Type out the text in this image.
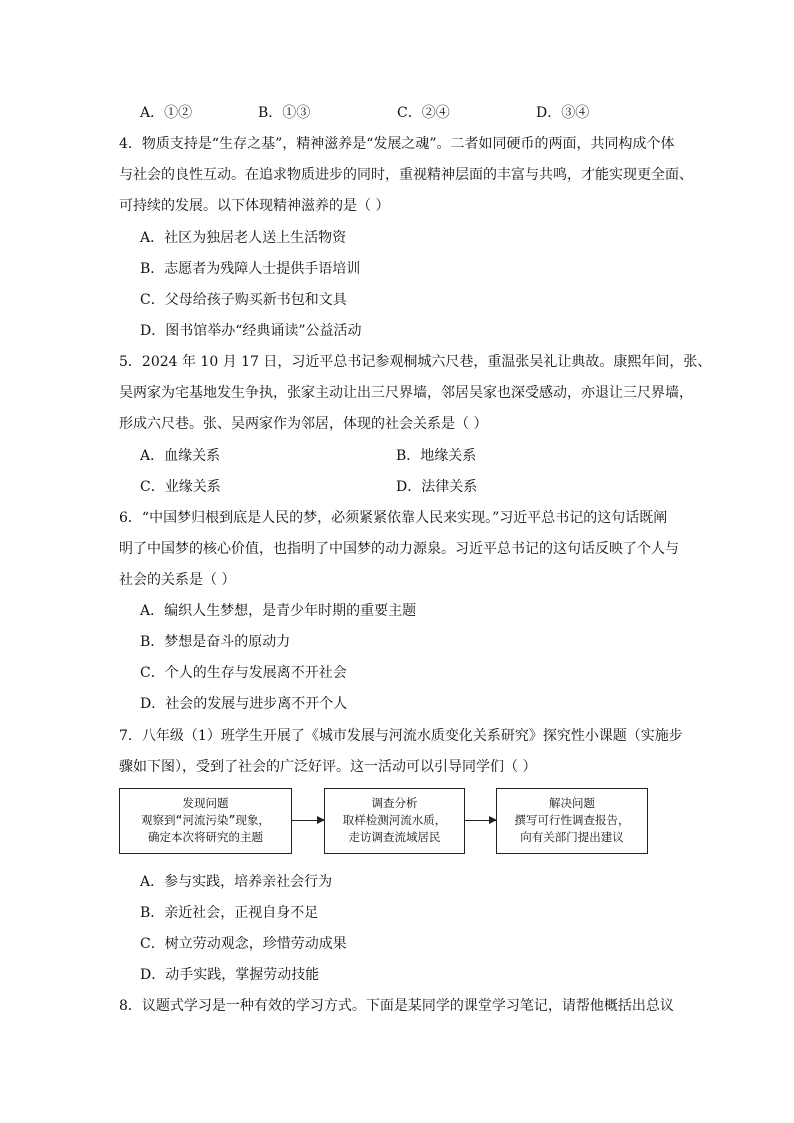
A．①②	B．①③	C．②④	D．③④
4．物质支持是“生存之基”，精神滋养是“发展之魂”。二者如同硬币的两面，共同构成个体
与社会的良性互动。在追求物质进步的同时，重视精神层面的丰富与共鸣，才能实现更全面、
可持续的发展。以下体现精神滋养的是（ ）
A．社区为独居老人送上生活物资
B．志愿者为残障人士提供手语培训
C．父母给孩子购买新书包和文具
D．图书馆举办“经典诵读”公益活动
5．2024 年 10 月 17 日，习近平总书记参观桐城六尺巷，重温张吴礼让典故。康熙年间，张、
吴两家为宅基地发生争执，张家主动让出三尺界墙，邻居吴家也深受感动，亦退让三尺界墙，
形成六尺巷。张、吴两家作为邻居，体现的社会关系是（ ）
A．血缘关系	B．地缘关系
C．业缘关系	D．法律关系
6．“中国梦归根到底是人民的梦，必须紧紧依靠人民来实现。”习近平总书记的这句话既阐
明了中国梦的核心价值，也指明了中国梦的动力源泉。习近平总书记的这句话反映了个人与
社会的关系是（ ）
A．编织人生梦想，是青少年时期的重要主题
B．梦想是奋斗的原动力
C．个人的生存与发展离不开社会
D．社会的发展与进步离不开个人
7．八年级（1）班学生开展了《城市发展与河流水质变化关系研究》探究性小课题（实施步
骤如下图），受到了社会的广泛好评。这一活动可以引导同学们（ ）
发现问题
观察到“河流污染”现象，
确定本次将研究的主题
调查分析
取样检测河流水质，
走访调查流域居民
解决问题
撰写可行性调查报告，
向有关部门提出建议
A．参与实践，培养亲社会行为
B．亲近社会，正视自身不足
C．树立劳动观念，珍惜劳动成果
D．动手实践，掌握劳动技能
8．议题式学习是一种有效的学习方式。下面是某同学的课堂学习笔记，请帮他概括出总议
